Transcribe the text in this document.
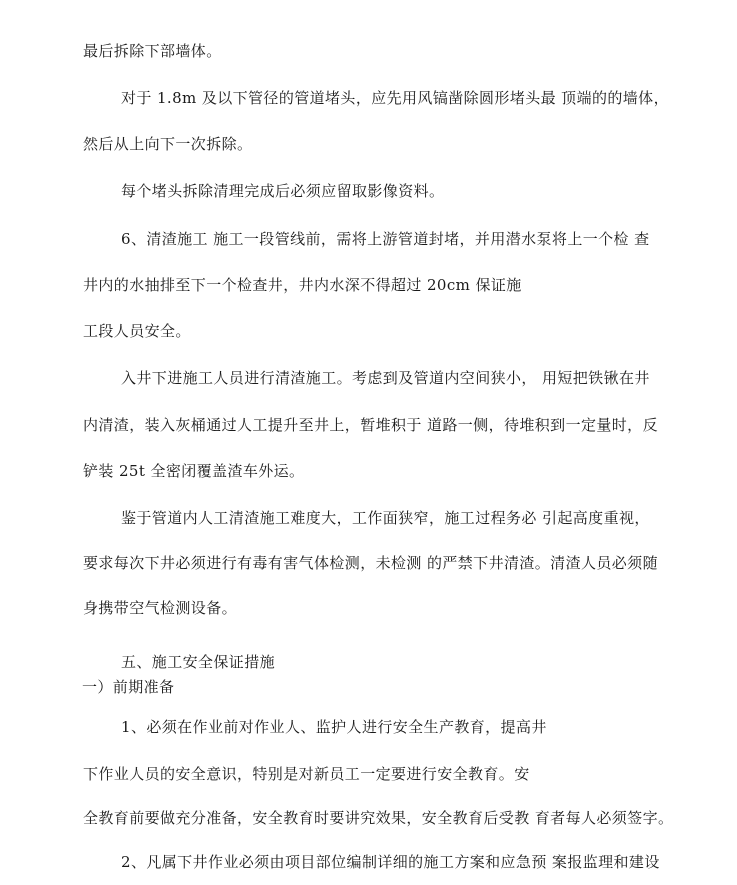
最后拆除下部墙体。
对于 1.8m 及以下管径的管道堵头，应先用风镐凿除圆形堵头最 顶端的的墙体，
然后从上向下一次拆除。
每个堵头拆除清理完成后必须应留取影像资料。
6、清渣施工 施工一段管线前，需将上游管道封堵，并用潜水泵将上一个检 查
井内的水抽排至下一个检查井，井内水深不得超过 20cm 保证施
工段人员安全。
入井下进施工人员进行清渣施工。考虑到及管道内空间狭小， 用短把铁锹在井
内清渣，装入灰桶通过人工提升至井上，暂堆积于 道路一侧，待堆积到一定量时，反
铲装 25t 全密闭覆盖渣车外运。
鉴于管道内人工清渣施工难度大，工作面狭窄，施工过程务必 引起高度重视，
要求每次下井必须进行有毒有害气体检测，未检测 的严禁下井清渣。清渣人员必须随
身携带空气检测设备。
五、施工安全保证措施
一）前期准备
1、必须在作业前对作业人、监护人进行安全生产教育，提高井
下作业人员的安全意识，特别是对新员工一定要进行安全教育。安
全教育前要做充分准备，安全教育时要讲究效果，安全教育后受教 育者每人必须签字。
2、凡属下井作业必须由项目部位编制详细的施工方案和应急预 案报监理和建设
